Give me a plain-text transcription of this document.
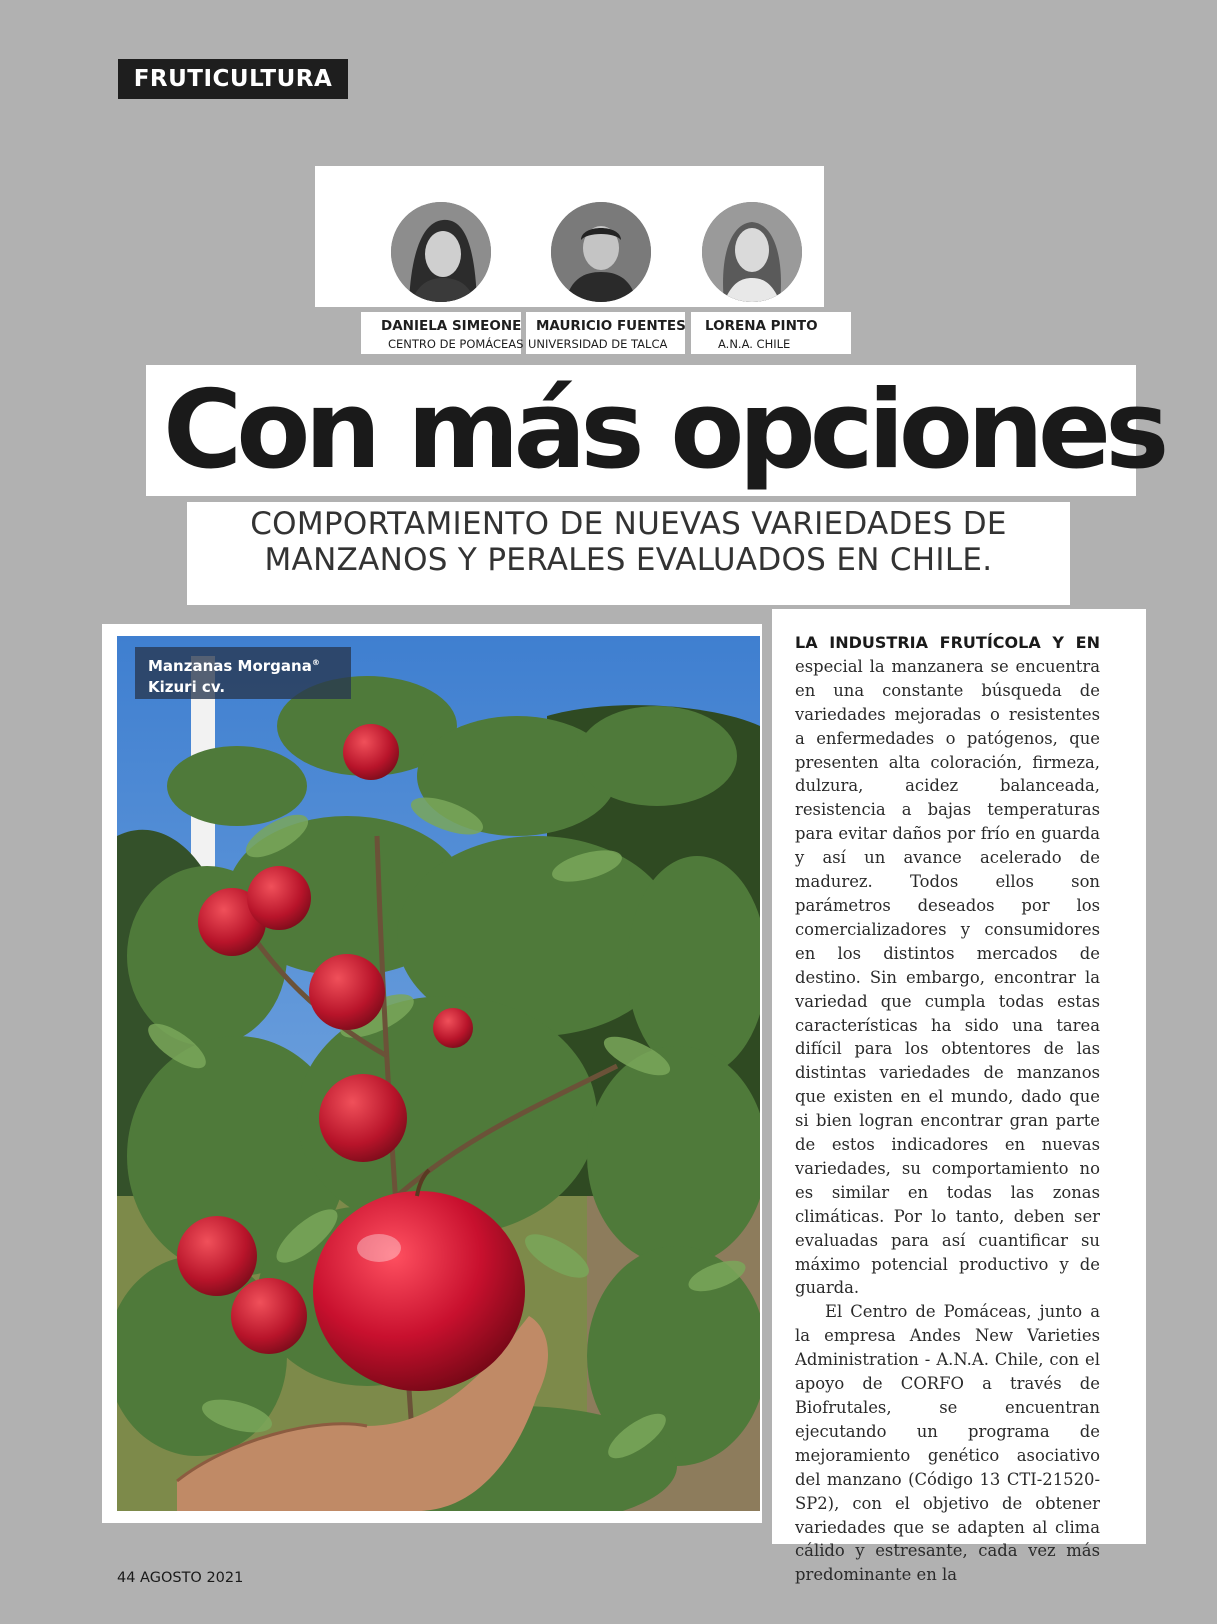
FRUTICULTURA
DANIELA SIMEONE
CENTRO DE POMÁCEAS
MAURICIO FUENTES
UNIVERSIDAD DE TALCA
LORENA PINTO
A.N.A. CHILE
Con más opciones
COMPORTAMIENTO DE NUEVAS VARIEDADES DE
MANZANOS Y PERALES EVALUADOS EN CHILE.
Manzanas Morgana®
Kizuri cv.

LA INDUSTRIA FRUTÍCOLA Y EN especial la manzanera se encuentra en una constante búsqueda de variedades mejoradas o resistentes a enfermedades o patógenos, que presenten alta coloración, firmeza, dulzura, acidez balanceada, resistencia a bajas temperaturas para evitar daños por frío en guarda y así un avance acelerado de madurez. Todos ellos son parámetros deseados por los comercializadores y consumidores en los distintos mercados de destino. Sin embargo, encontrar la variedad que cumpla todas estas características ha sido una tarea difícil para los obtentores de las distintas variedades de manzanos que existen en el mundo, dado que si bien logran encontrar gran parte de estos indicadores en nuevas variedades, su comportamiento no es similar en todas las zonas climáticas. Por lo tanto, deben ser evaluadas para así cuantificar su máximo potencial productivo y de guarda.

El Centro de Pomáceas, junto a la empresa Andes New Varieties Administration - A.N.A. Chile, con el apoyo de CORFO a través de Biofrutales, se encuentran ejecutando un programa de mejoramiento genético asociativo del manzano (Código 13 CTI-21520-SP2), con el objetivo de obtener variedades que se adapten al clima cálido y estresante, cada vez más predominante en la

44 AGOSTO 2021
